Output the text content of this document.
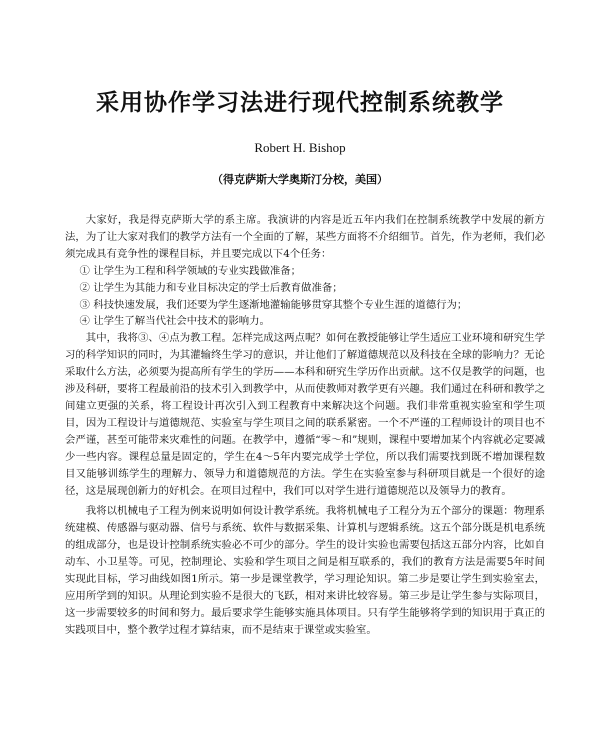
采用协作学习法进行现代控制系统教学
Robert H. Bishop
（得克萨斯大学奥斯汀分校，美国）

大家好，我是得克萨斯大学的系主席。我演讲的内容是近五年内我们在控制系统教学中发展的新方法，为了让大家对我们的教学方法有一个全面的了解，某些方面将不介绍细节。首先，作为老师，我们必须完成具有竞争性的课程目标，并且要完成以下4个任务：

① 让学生为工程和科学领域的专业实践做准备；

② 让学生为其能力和专业目标决定的学士后教育做准备；

③ 科技快速发展，我们还要为学生逐渐地灌输能够贯穿其整个专业生涯的道德行为；

④ 让学生了解当代社会中技术的影响力。

其中，我将③、④点为教工程。怎样完成这两点呢？如何在教授能够让学生适应工业环境和研究生学习的科学知识的同时，为其灌输终生学习的意识，并让他们了解道德规范以及科技在全球的影响力？无论采取什么方法，必须要为提高所有学生的学历——本科和研究生学历作出贡献。这不仅是教学的问题，也涉及科研，要将工程最前沿的技术引入到教学中，从而使教师对教学更有兴趣。我们通过在科研和教学之间建立更强的关系，将工程设计再次引入到工程教育中来解决这个问题。我们非常重视实验室和学生项目，因为工程设计与道德规范、实验室与学生项目之间的联系紧密。一个不严谨的工程师设计的项目也不会严谨，甚至可能带来灾难性的问题。在教学中，遵循“零～和”规则，课程中要增加某个内容就必定要减少一些内容。课程总量是固定的，学生在4～5年内要完成学士学位，所以我们需要找到既不增加课程数目又能够训练学生的理解力、领导力和道德规范的方法。学生在实验室参与科研项目就是一个很好的途径，这是展现创新力的好机会。在项目过程中，我们可以对学生进行道德规范以及领导力的教育。

我将以机械电子工程为例来说明如何设计教学系统。我将机械电子工程分为五个部分的课题：物理系统建模、传感器与驱动器、信号与系统、软件与数据采集、计算机与逻辑系统。这五个部分既是机电系统的组成部分，也是设计控制系统实验必不可少的部分。学生的设计实验也需要包括这五部分内容，比如自动车、小卫星等。可见，控制理论、实验和学生项目之间是相互联系的，我们的教育方法是需要5年时间实现此目标，学习曲线如图1所示。第一步是课堂教学，学习理论知识。第二步是要让学生到实验室去，应用所学到的知识。从理论到实验不是很大的飞跃，相对来讲比较容易。第三步是让学生参与实际项目，这一步需要较多的时间和努力。最后要求学生能够实施具体项目。只有学生能够将学到的知识用于真正的实践项目中，整个教学过程才算结束，而不是结束于课堂或实验室。
